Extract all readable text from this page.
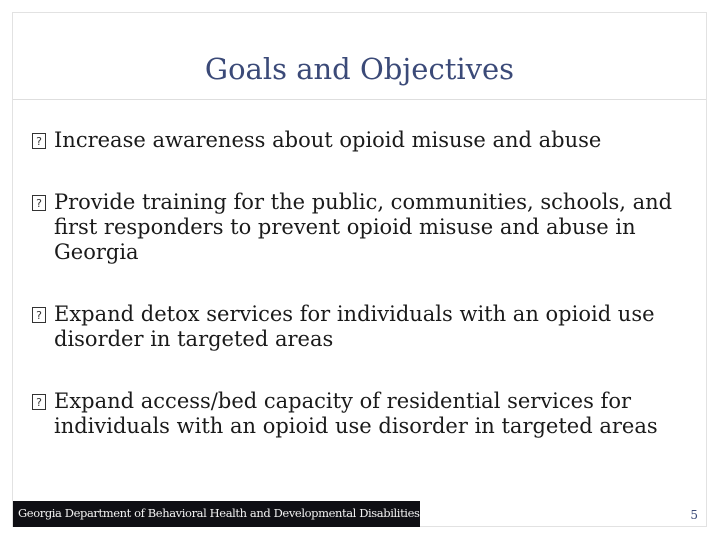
Goals and Objectives
?
Increase awareness about opioid misuse and abuse
?
Provide training for the public, communities, schools, and first responders to prevent opioid misuse and abuse in Georgia
?
Expand detox services for individuals with an opioid use disorder in targeted areas
?
Expand access/bed capacity of residential services for individuals with an opioid use disorder in targeted areas
Georgia Department of Behavioral Health and Developmental Disabilities	5
